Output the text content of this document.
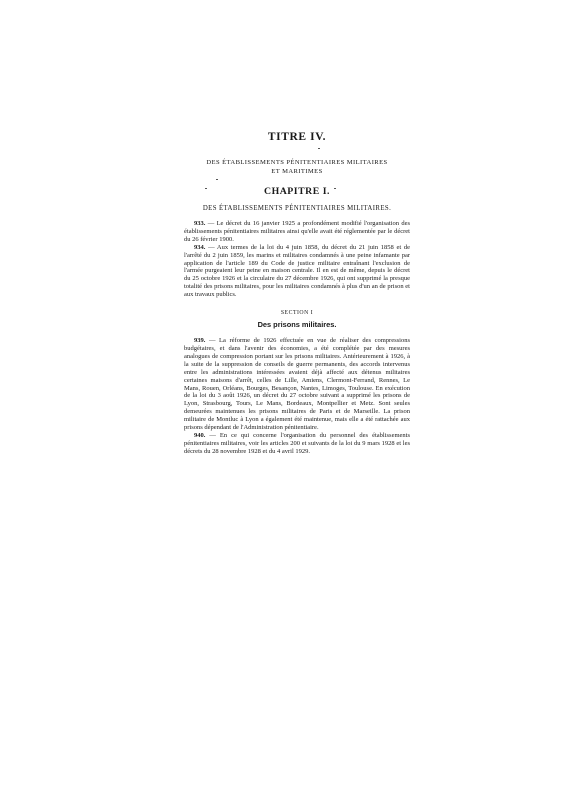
TITRE IV.

DES ÉTABLISSEMENTS PÉNITENTIAIRES MILITAIRES

ET MARITIMES

CHAPITRE I.

DES ÉTABLISSEMENTS PÉNITENTIAIRES MILITAIRES.

933. — Le décret du 16 janvier 1925 a profondément modifié l'organisation des établissements pénitentiaires militaires ainsi qu'elle avait été réglementée par le décret du 26 février 1900.

934. — Aux termes de la loi du 4 juin 1858, du décret du 21 juin 1858 et de l'arrêté du 2 juin 1859, les marins et militaires condamnés à une peine infamante par application de l'article 189 du Code de justice militaire entraînant l'exclusion de l'armée purgeaient leur peine en maison centrale. Il en est de même, depuis le décret du 25 octobre 1926 et la circulaire du 27 décembre 1926, qui ont supprimé la presque totalité des prisons militaires, pour les militaires condamnés à plus d'un an de prison et aux travaux publics.

SECTION I

Des prisons militaires.

939. — La réforme de 1926 effectuée en vue de réaliser des compressions budgétaires, et dans l'avenir des économies, a été complétée par des mesures analogues de compression portant sur les prisons militaires. Antérieurement à 1926, à la suite de la suppression de conseils de guerre permanents, des accords intervenus entre les administrations intéressées avaient déjà affecté aux détenus militaires certaines maisons d'arrêt, celles de Lille, Amiens, Clermont-Ferrand, Rennes, Le Mans, Rouen, Orléans, Bourges, Besançon, Nantes, Limoges, Toulouse. En exécution de la loi du 3 août 1926, un décret du 27 octobre suivant a supprimé les prisons de Lyon, Strasbourg, Tours, Le Mans, Bordeaux, Montpellier et Metz. Sont seules demeurées maintenues les prisons militaires de Paris et de Marseille. La prison militaire de Montluc à Lyon a également été maintenue, mais elle a été rattachée aux prisons dépendant de l'Administration pénitentiaire.

940. — En ce qui concerne l'organisation du personnel des établissements pénitentiaires militaires, voir les articles 200 et suivants de la loi du 9 mars 1928 et les décrets du 28 novembre 1928 et du 4 avril 1929.
